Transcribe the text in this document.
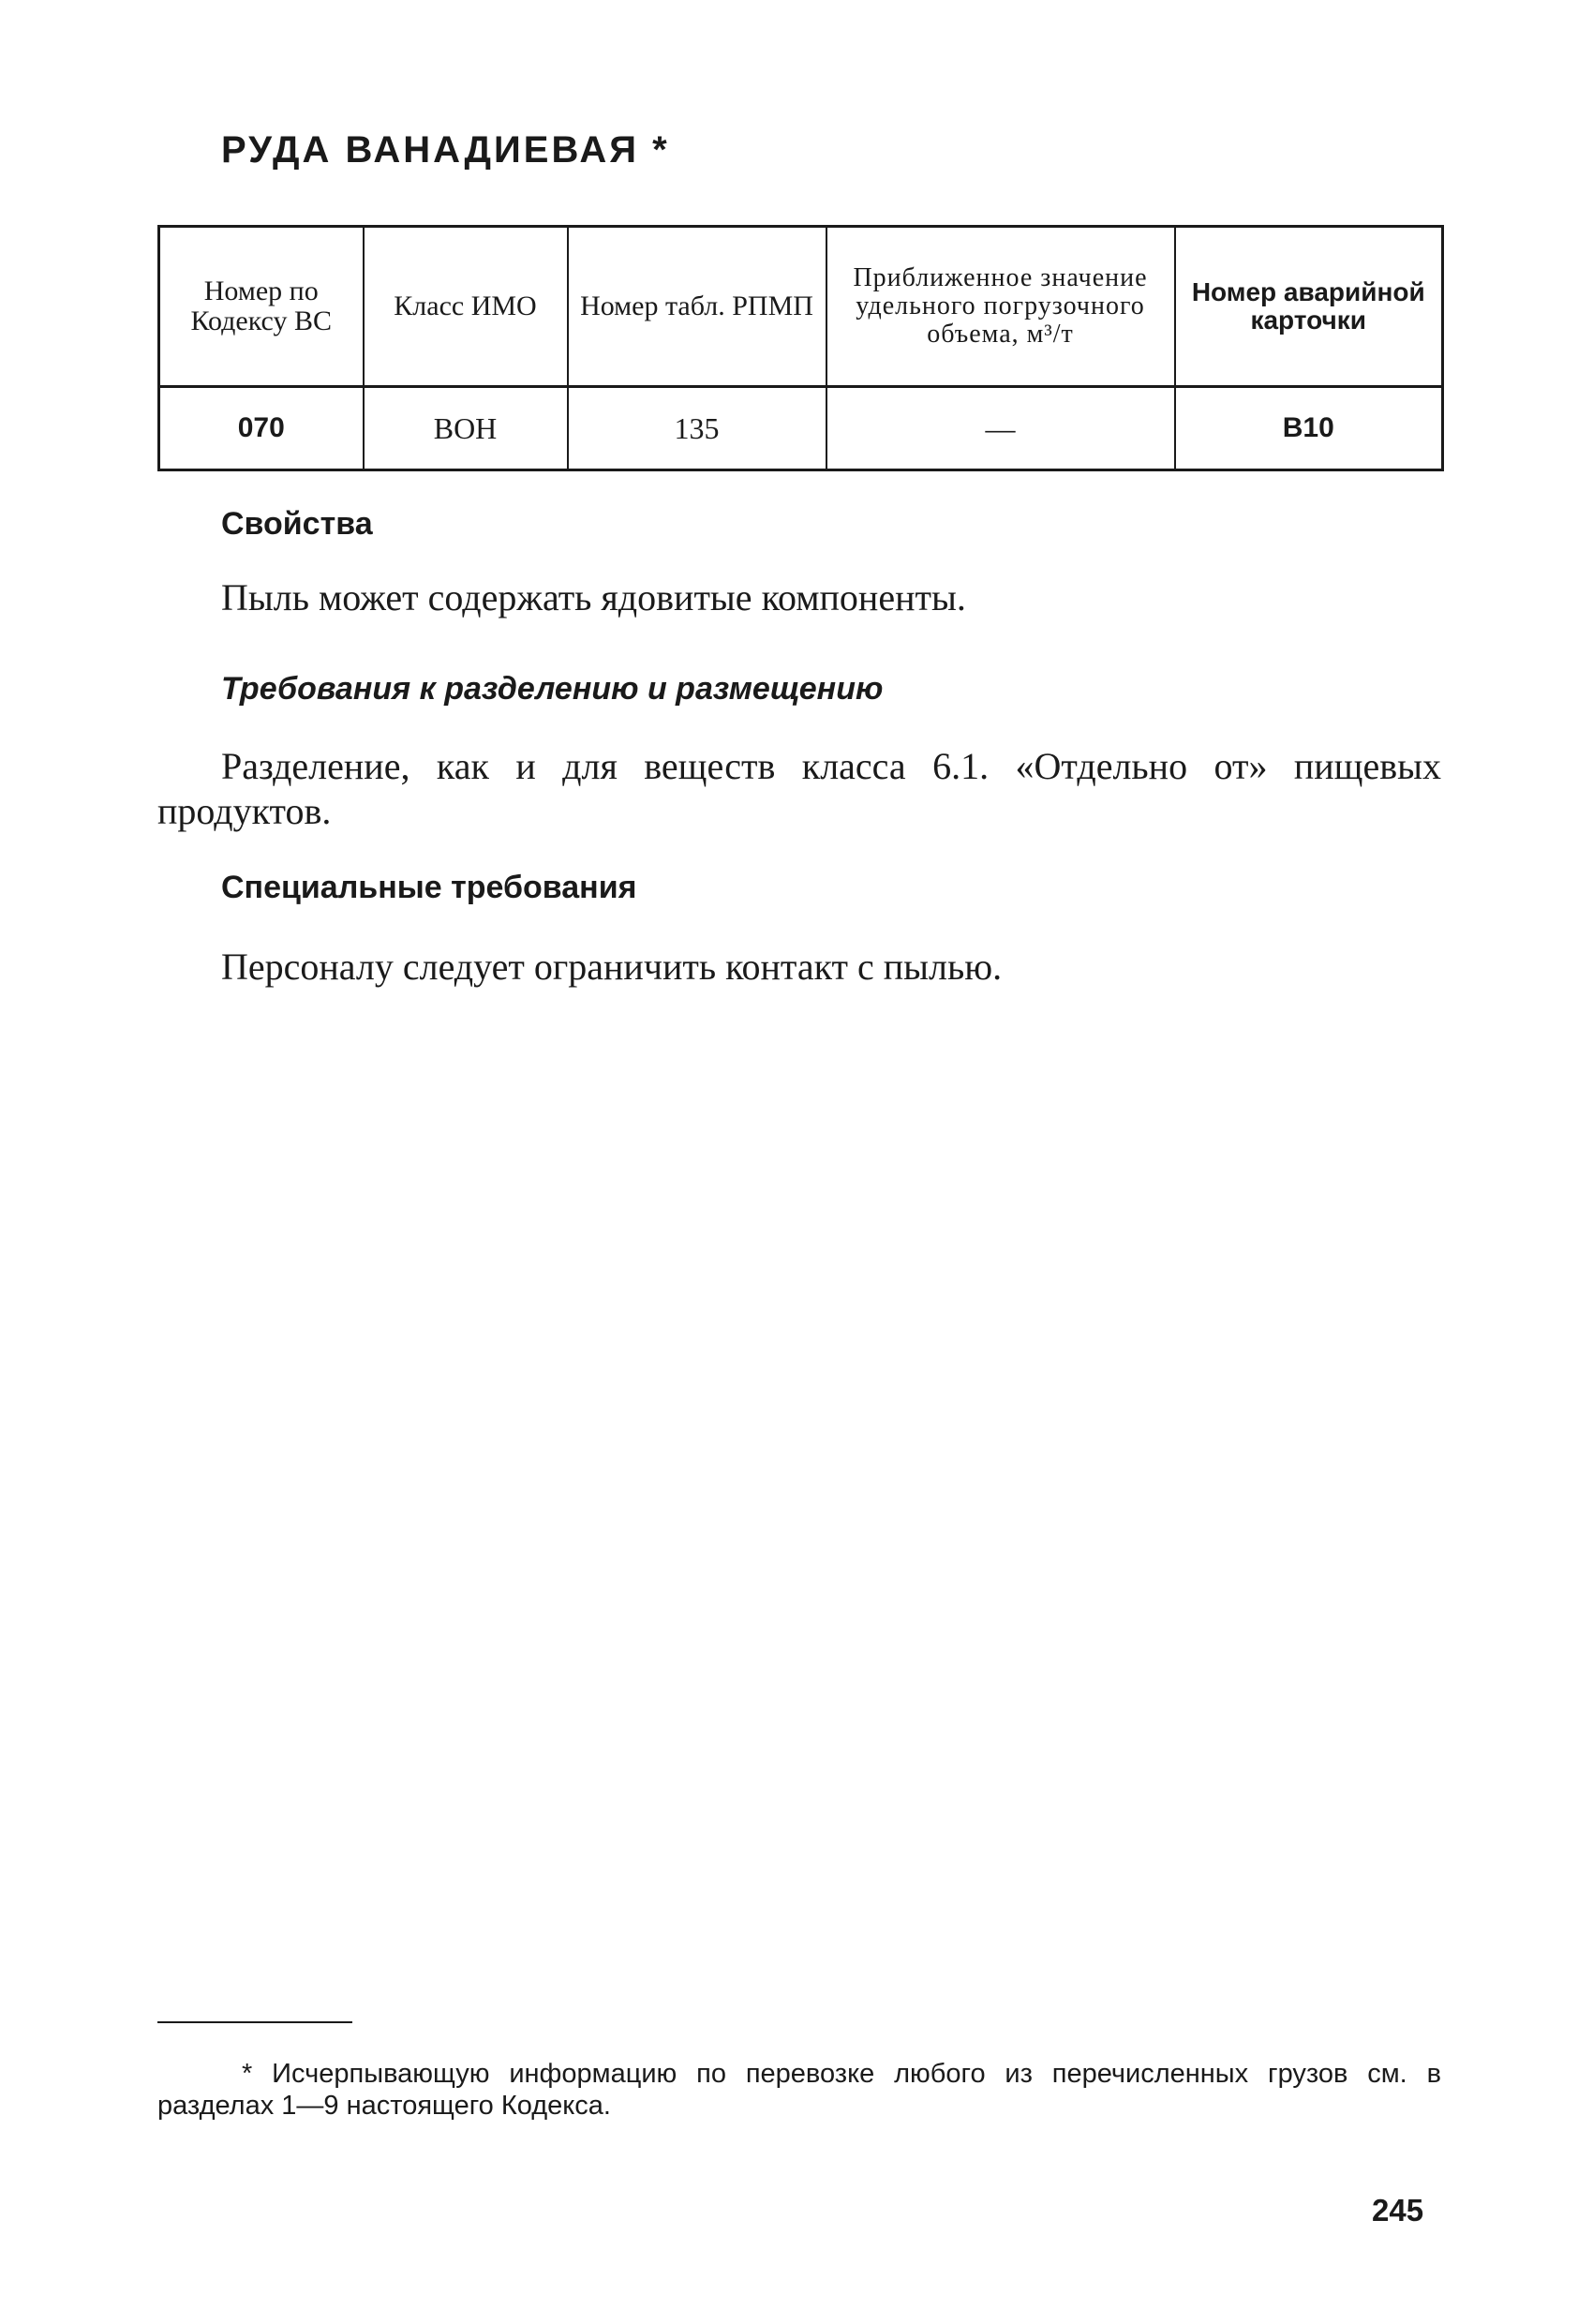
РУДА ВАНАДИЕВАЯ *
Номер по Кодексу ВС	Класс ИМО	Номер табл. РПМП	Приближенное значение удельного погрузочного объема, м³/т	Номер аварийной карточки
070	ВОН	135	—	В10
Свойства

Пыль может содержать ядовитые компоненты.

Требования к разделению и размещению

Разделение, как и для веществ класса 6.1. «Отдельно от» пищевых продуктов.

Специальные требования

Персоналу следует ограничить контакт с пылью.

* Исчерпывающую информацию по перевозке любого из перечисленных грузов см. в разделах 1—9 настоящего Кодекса.

245
